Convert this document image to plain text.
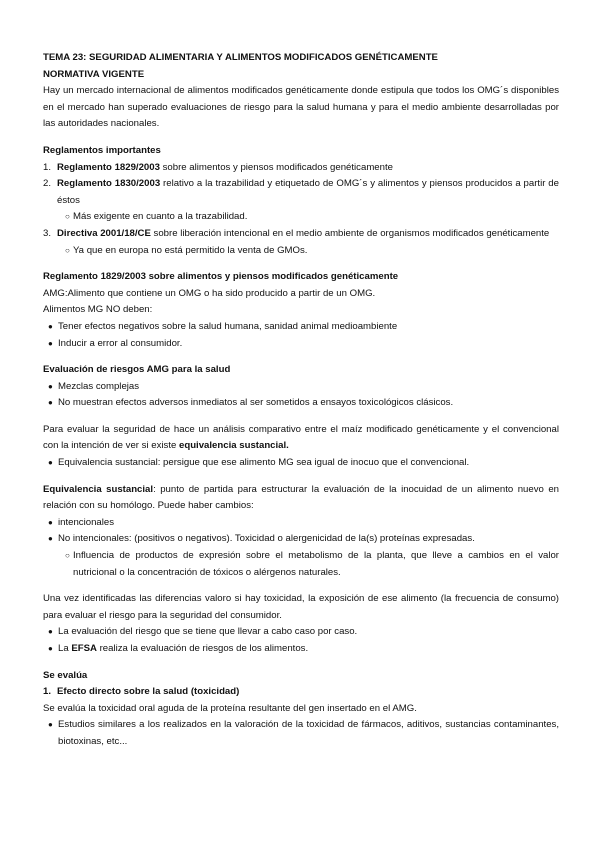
TEMA 23: SEGURIDAD ALIMENTARIA Y ALIMENTOS MODIFICADOS GENÉTICAMENTE

NORMATIVA VIGENTE

Hay un mercado internacional de alimentos modificados genéticamente donde estipula que todos los OMG´s disponibles en el mercado han superado evaluaciones de riesgo para la salud humana y para el medio ambiente desarrolladas por las autoridades nacionales.

Reglamentos importantes

1. Reglamento 1829/2003 sobre alimentos y piensos modificados genéticamente
2. Reglamento 1830/2003 relativo a la trazabilidad y etiquetado de OMG´s y alimentos y piensos producidos a partir de éstos
○ Más exigente en cuanto a la trazabilidad.
3. Directiva 2001/18/CE sobre liberación intencional en el medio ambiente de organismos modificados genéticamente
○ Ya que en europa no está permitido la venta de GMOs.

Reglamento 1829/2003 sobre alimentos y piensos modificados genéticamente

AMG:Alimento que contiene un OMG o ha sido producido a partir de un OMG.

Alimentos MG NO deben:

● Tener efectos negativos sobre la salud humana, sanidad animal medioambiente
● Inducir a error al consumidor.

Evaluación de riesgos AMG para la salud

● Mezclas complejas
● No muestran efectos adversos inmediatos al ser sometidos a ensayos toxicológicos clásicos.

Para evaluar la seguridad de hace un análisis comparativo entre el maíz modificado genéticamente y el convencional con la intención de ver si existe equivalencia sustancial.

● Equivalencia sustancial: persigue que ese alimento MG sea igual de inocuo que el convencional.

Equivalencia sustancial: punto de partida para estructurar la evaluación de la inocuidad de un alimento nuevo en relación con su homólogo. Puede haber cambios:

● intencionales
● No intencionales: (positivos o negativos). Toxicidad o alergenicidad de la(s) proteínas expresadas.
○ Influencia de productos de expresión sobre el metabolismo de la planta, que lleve a cambios en el valor nutricional o la concentración de tóxicos o alérgenos naturales.

Una vez identificadas las diferencias valoro si hay toxicidad, la exposición de ese alimento (la frecuencia de consumo) para evaluar el riesgo para la seguridad del consumidor.

● La evaluación del riesgo que se tiene que llevar a cabo caso por caso.
● La EFSA realiza la evaluación de riesgos de los alimentos.

Se evalúa

1. Efecto directo sobre la salud (toxicidad)

Se evalúa la toxicidad oral aguda de la proteína resultante del gen insertado en el AMG.

● Estudios similares a los realizados en la valoración de la toxicidad de fármacos, aditivos, sustancias contaminantes, biotoxinas, etc...
